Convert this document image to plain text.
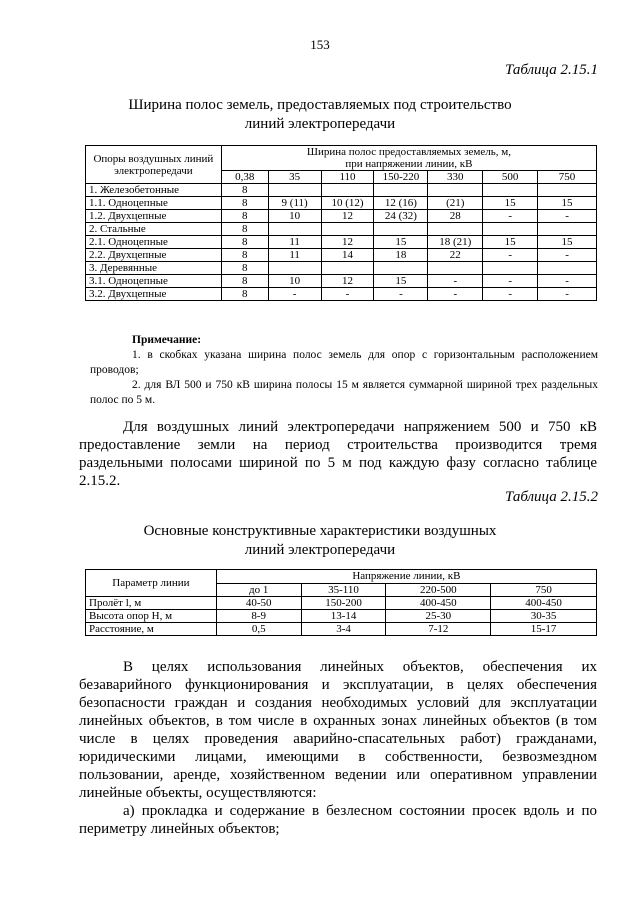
153
Таблица 2.15.1
Ширина полос земель, предоставляемых под строительство
линий электропередачи
Опоры воздушных линий электропередачи	Ширина полос предоставляемых земель, м,
при напряжении линии, кВ						
	0,38	35	110	150-220	330	500	750
1. Железобетонные	8						
1.1. Одноцепные	8	9 (11)	10 (12)	12 (16)	(21)	15	15
1.2. Двухцепные	8	10	12	24 (32)	28	-	-
2. Стальные	8						
2.1. Одноцепные	8	11	12	15	18 (21)	15	15
2.2. Двухцепные	8	11	14	18	22	-	-
3. Деревянные	8						
3.1. Одноцепные	8	10	12	15	-	-	-
3.2. Двухцепные	8	-	-	-	-	-	-
Примечание:

1. в скобках указана ширина полос земель для опор с горизонтальным расположением проводов;

2. для ВЛ 500 и 750 кВ ширина полосы 15 м является суммарной шириной трех раздельных полос по 5 м.

Для воздушных линий электропередачи напряжением 500 и 750 кВ предоставление земли на период строительства производится тремя раздельными полосами шириной по 5 м под каждую фазу согласно таблице 2.15.2.

Таблица 2.15.2
Основные конструктивные характеристики воздушных
линий электропередачи
Параметр линии	Напряжение линии, кВ			
	до 1	35-110	220-500	750
Пролёт l, м	40-50	150-200	400-450	400-450
Высота опор Н, м	8-9	13-14	25-30	30-35
Расстояние, м	0,5	3-4	7-12	15-17

В целях использования линейных объектов, обеспечения их безаварийного функционирования и эксплуатации, в целях обеспечения безопасности граждан и создания необходимых условий для эксплуатации линейных объектов, в том числе в охранных зонах линейных объектов (в том числе в целях проведения аварийно-спасательных работ) гражданами, юридическими лицами, имеющими в собственности, безвозмездном пользовании, аренде, хозяйственном ведении или оперативном управлении линейные объекты, осуществляются:

а) прокладка и содержание в безлесном состоянии просек вдоль и по периметру линейных объектов;
